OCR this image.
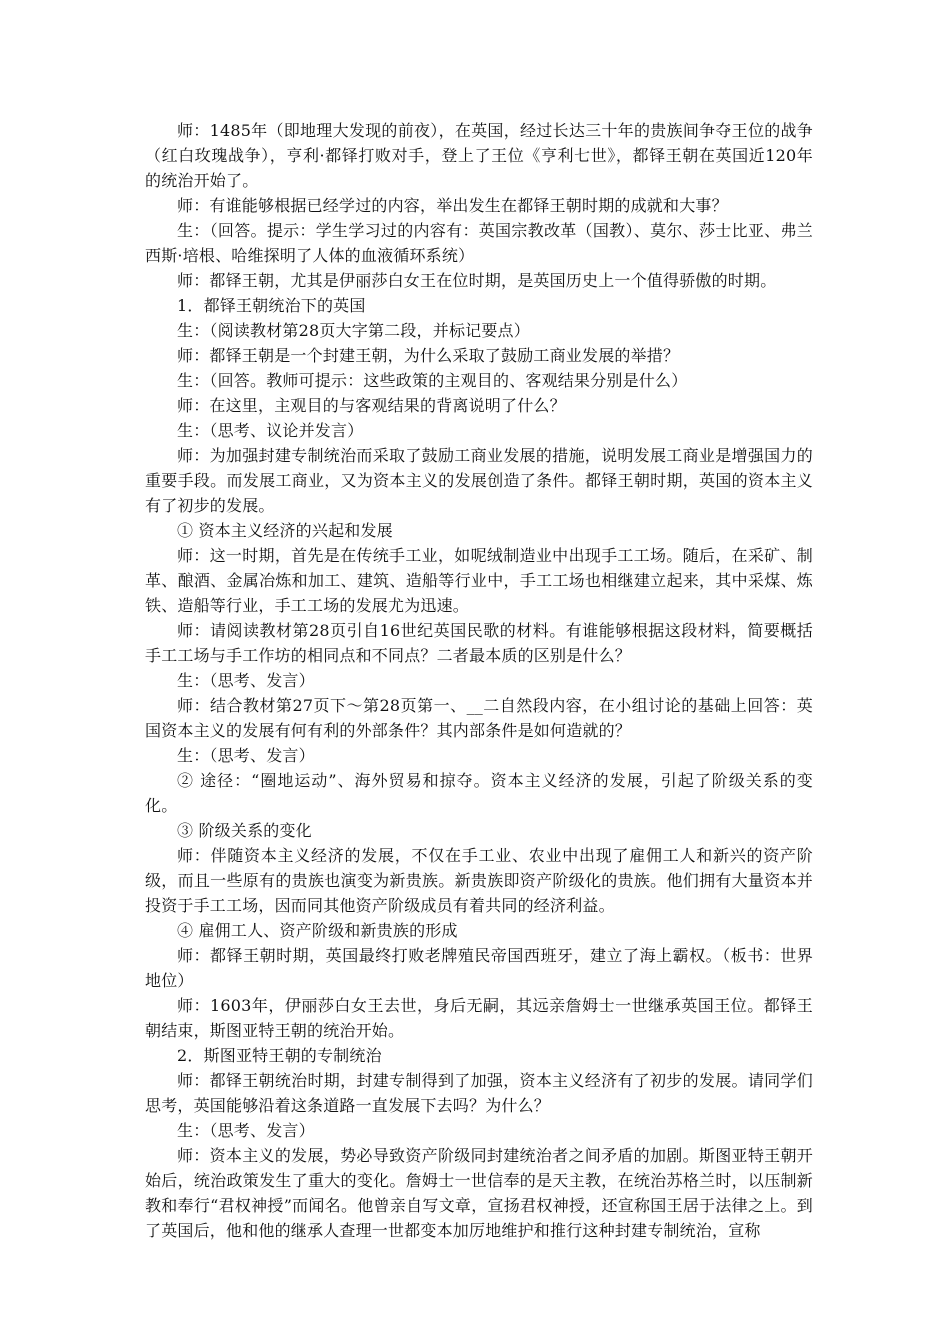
师：1485年（即地理大发现的前夜），在英国，经过长达三十年的贵族间争夺王位的战争（红白玫瑰战争），亨利·都铎打败对手，登上了王位《亨利七世》，都铎王朝在英国近120年的统治开始了。

师：有谁能够根据已经学过的内容，举出发生在都铎王朝时期的成就和大事？

生：（回答。提示：学生学习过的内容有：英国宗教改革（国教）、莫尔、莎士比亚、弗兰西斯·培根、哈维探明了人体的血液循环系统）

师：都铎王朝，尤其是伊丽莎白女王在位时期，是英国历史上一个值得骄傲的时期。

1．都铎王朝统治下的英国

生：（阅读教材第28页大字第二段，并标记要点）

师：都铎王朝是一个封建王朝，为什么采取了鼓励工商业发展的举措？

生：（回答。教师可提示：这些政策的主观目的、客观结果分别是什么）

师：在这里，主观目的与客观结果的背离说明了什么？

生：（思考、议论并发言）

师：为加强封建专制统治而采取了鼓励工商业发展的措施，说明发展工商业是增强国力的重要手段。而发展工商业，又为资本主义的发展创造了条件。都铎王朝时期，英国的资本主义有了初步的发展。

① 资本主义经济的兴起和发展

师：这一时期，首先是在传统手工业，如呢绒制造业中出现手工工场。随后，在采矿、制革、酿酒、金属冶炼和加工、建筑、造船等行业中，手工工场也相继建立起来，其中采煤、炼铁、造船等行业，手工工场的发展尤为迅速。

师：请阅读教材第28页引自16世纪英国民歌的材料。有谁能够根据这段材料，简要概括手工工场与手工作坊的相同点和不同点？二者最本质的区别是什么？

生：（思考、发言）

师：结合教材第27页下～第28页第一、__二自然段内容，在小组讨论的基础上回答：英国资本主义的发展有何有利的外部条件？其内部条件是如何造就的？

生：（思考、发言）

② 途径：“圈地运动”、海外贸易和掠夺。资本主义经济的发展，引起了阶级关系的变化。

③ 阶级关系的变化

师：伴随资本主义经济的发展，不仅在手工业、农业中出现了雇佣工人和新兴的资产阶级，而且一些原有的贵族也演变为新贵族。新贵族即资产阶级化的贵族。他们拥有大量资本并投资于手工工场，因而同其他资产阶级成员有着共同的经济利益。

④ 雇佣工人、资产阶级和新贵族的形成

师：都铎王朝时期，英国最终打败老牌殖民帝国西班牙，建立了海上霸权。（板书：世界地位）

师：1603年，伊丽莎白女王去世，身后无嗣，其远亲詹姆士一世继承英国王位。都铎王朝结束，斯图亚特王朝的统治开始。

2．斯图亚特王朝的专制统治

师：都铎王朝统治时期，封建专制得到了加强，资本主义经济有了初步的发展。请同学们思考，英国能够沿着这条道路一直发展下去吗？为什么？

生：（思考、发言）

师：资本主义的发展，势必导致资产阶级同封建统治者之间矛盾的加剧。斯图亚特王朝开始后，统治政策发生了重大的变化。詹姆士一世信奉的是天主教，在统治苏格兰时，以压制新教和奉行“君权神授”而闻名。他曾亲自写文章，宣扬君权神授，还宣称国王居于法律之上。到了英国后，他和他的继承人查理一世都变本加厉地维护和推行这种封建专制统治，宣称
